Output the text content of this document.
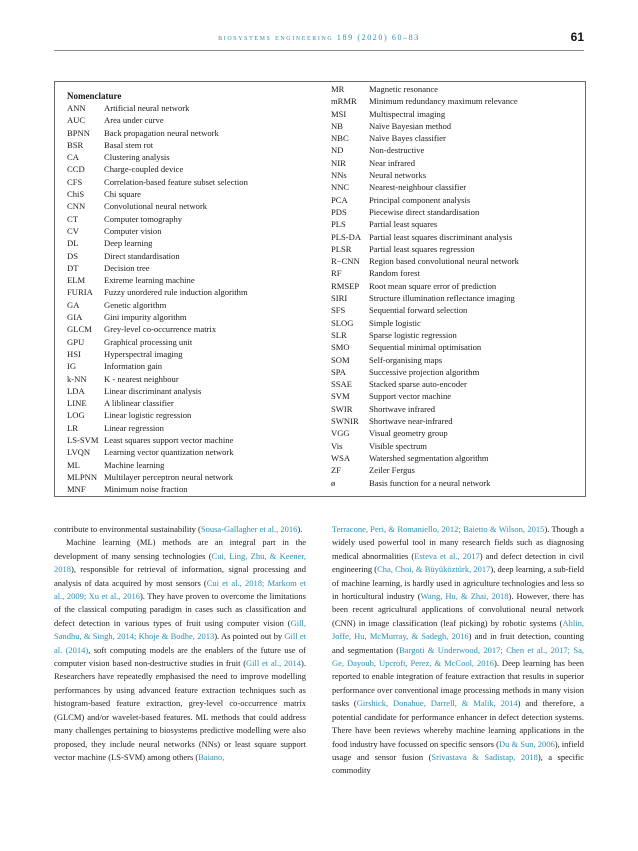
biosystems engineering 189 (2020) 60–83	61
Nomenclature
ANN	Artificial neural network
AUC	Area under curve
BPNN	Back propagation neural network
BSR	Basal stem rot
CA	Clustering analysis
CCD	Charge-coupled device
CFS	Correlation-based feature subset selection
ChiS	Chi square
CNN	Convolutional neural network
CT	Computer tomography
CV	Computer vision
DL	Deep learning
DS	Direct standardisation
DT	Decision tree
ELM	Extreme learning machine
FURIA	Fuzzy unordered rule induction algorithm
GA	Genetic algorithm
GIA	Gini impurity algorithm
GLCM	Grey-level co-occurrence matrix
GPU	Graphical processing unit
HSI	Hyperspectral imaging
IG	Information gain
k-NN	K - nearest neighbour
LDA	Linear discriminant analysis
LINE	A liblinear classifier
LOG	Linear logistic regression
LR	Linear regression
LS-SVM Least squares support vector machine
LVQN	Learning vector quantization network
ML	Machine learning
MLPNN Multilayer perceptron neural network
MNF	Minimum noise fraction
MR	Magnetic resonance
mRMR	Minimum redundancy maximum relevance
MSI	Multispectral imaging
NB	Naïve Bayesian method
NBC	Naïve Bayes classifier
ND	Non-destructive
NIR	Near infrared
NNs	Neural networks
NNC	Nearest-neighbour classifier
PCA	Principal component analysis
PDS	Piecewise direct standardisation
PLS	Partial least squares
PLS-DA Partial least squares discriminant analysis
PLSR	Partial least squares regression
R−CNN	Region based convolutional neural network
RF	Random forest
RMSEP	Root mean square error of prediction
SIRI	Structure illumination reflectance imaging
SFS	Sequential forward selection
SLOG	Simple logistic
SLR	Sparse logistic regression
SMO	Sequential minimal optimisation
SOM	Self-organising maps
SPA	Successive projection algorithm
SSAE	Stacked sparse auto-encoder
SVM	Support vector machine
SWIR	Shortwave infrared
SWNIR	Shortwave near-infrared
VGG	Visual geometry group
Vis	Visible spectrum
WSA	Watershed segmentation algorithm
ZF	Zeiler Fergus
ø	Basis function for a neural network

contribute to environmental sustainability (Sousa-Gallagher et al., 2016).

Machine learning (ML) methods are an integral part in the development of many sensing technologies (Cui, Ling, Zhu, & Keener, 2018), responsible for retrieval of information, signal processing and analysis of data acquired by most sensors (Cui et al., 2018; Markom et al., 2009; Xu et al., 2016). They have proven to overcome the limitations of the classical computing paradigm in cases such as classification and defect detection in various types of fruit using computer vision (Gill, Sandhu, & Singh, 2014; Khoje & Bodhe, 2013). As pointed out by Gill et al. (2014), soft computing models are the enablers of the future use of computer vision based non-destructive studies in fruit (Gill et al., 2014). Researchers have repeatedly emphasised the need to improve modelling performances by using advanced feature extraction techniques such as histogram-based feature extraction, grey-level co-occurrence matrix (GLCM) and/or wavelet-based features. ML methods that could address many challenges pertaining to biosystems predictive modelling were also proposed, they include neural networks (NNs) or least square support vector machine (LS-SVM) among others (Baiano,

Terracone, Peri, & Romaniello, 2012; Baietto & Wilson, 2015). Though a widely used powerful tool in many research fields such as diagnosing medical abnormalities (Esteva et al., 2017) and defect detection in civil engineering (Cha, Choi, & Büyüköztürk, 2017), deep learning, a sub-field of machine learning, is hardly used in agriculture technologies and less so in horticultural industry (Wang, Hu, & Zhai, 2018). However, there has been recent agricultural applications of convolutional neural network (CNN) in image classification (leaf picking) by robotic systems (Ahlin, Joffe, Hu, McMurray, & Sadegh, 2016) and in fruit detection, counting and segmentation (Bargoti & Underwood, 2017; Chen et al., 2017; Sa, Ge, Dayoub, Upcroft, Perez, & McCool, 2016). Deep learning has been reported to enable integration of feature extraction that results in superior performance over conventional image processing methods in many vision tasks (Girshick, Donahue, Darrell, & Malik, 2014) and therefore, a potential candidate for performance enhancer in defect detection systems. There have been reviews whereby machine learning applications in the food industry have focussed on specific sensors (Du & Sun, 2006), infield usage and sensor fusion (Srivastava & Sadistap, 2018), a specific commodity
